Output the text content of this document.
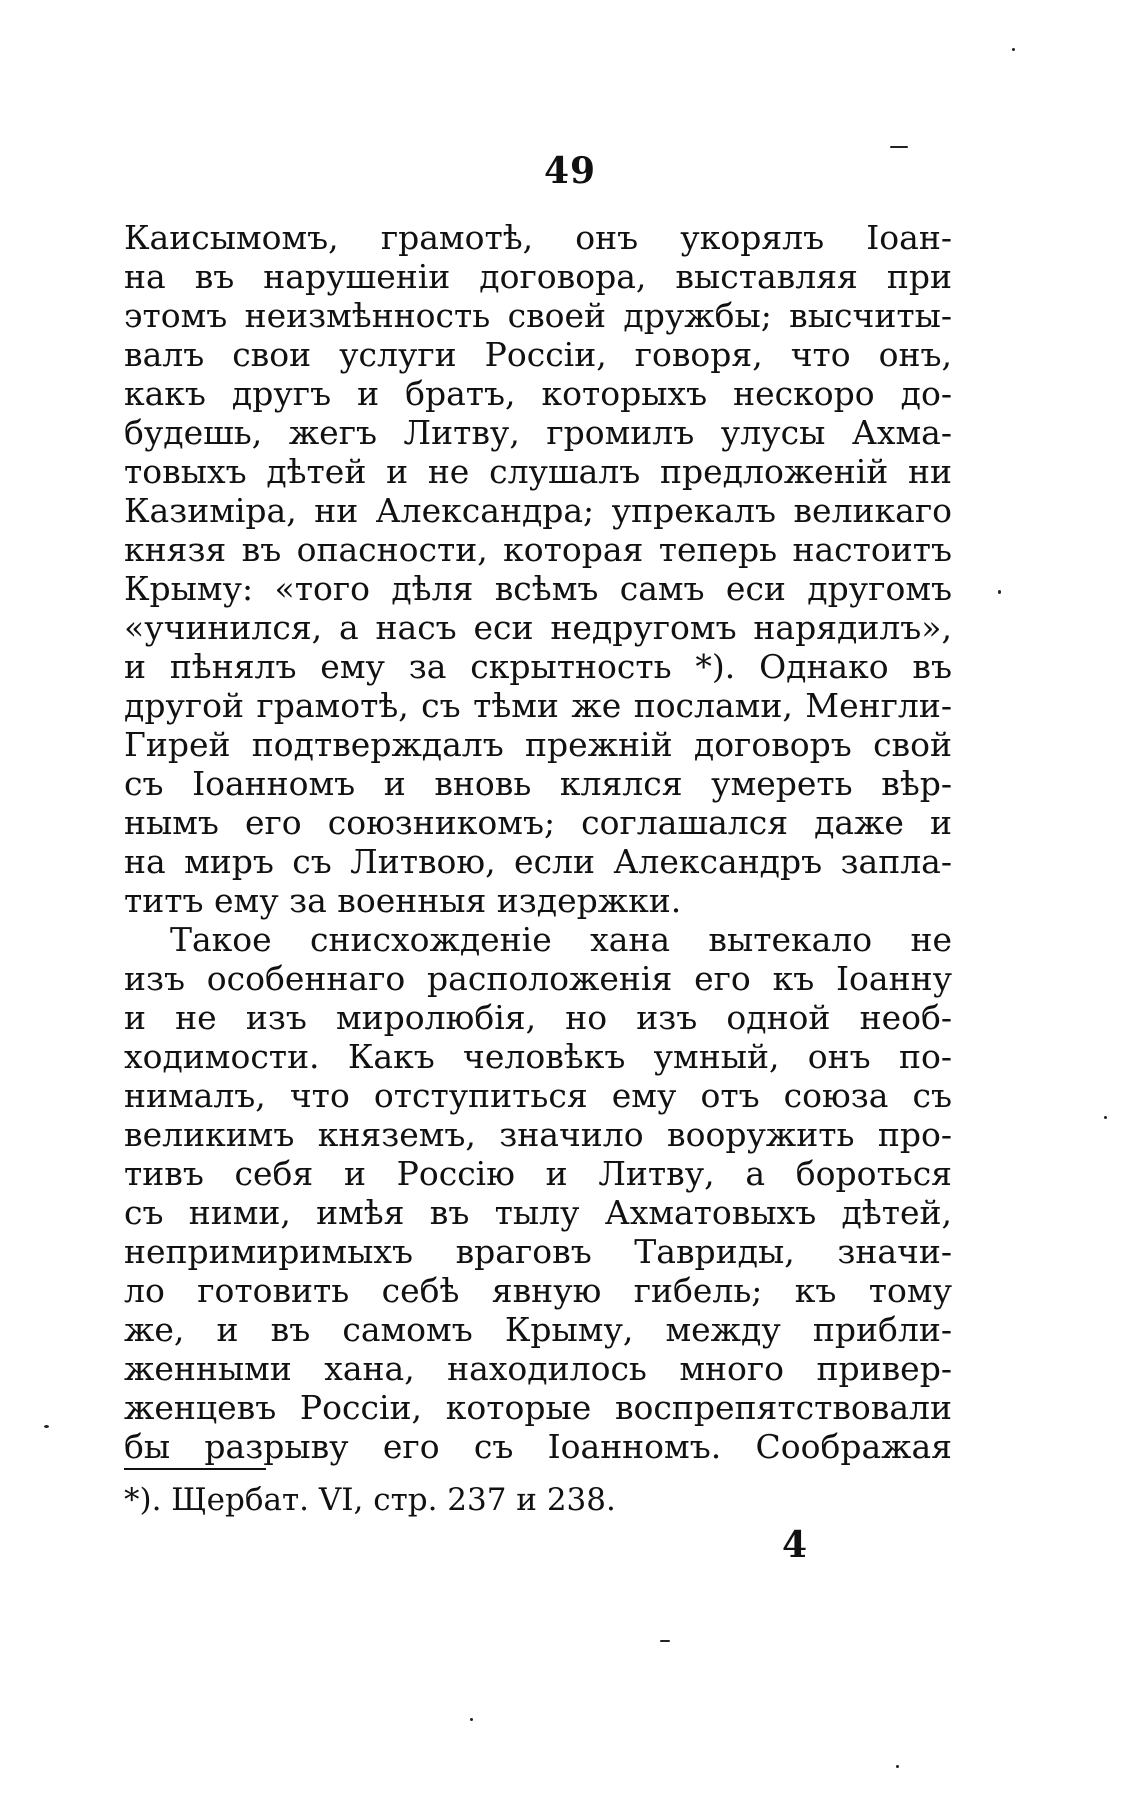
49
Каисымомъ, грамотѣ, онъ укорялъ Іоан-
на въ нарушеніи договора, выставляя при
этомъ неизмѣнность своей дружбы; высчиты-
валъ свои услуги Россіи, говоря, что онъ,
какъ другъ и братъ, которыхъ нескоро до-
будешь, жегъ Литву, громилъ улусы Ахма-
товыхъ дѣтей и не слушалъ предложеній ни
Казиміра, ни Александра; упрекалъ великаго
князя въ опасности, которая теперь настоитъ
Крыму: «того дѣля всѣмъ самъ еси другомъ
«учинился, а насъ еси недругомъ нарядилъ»,
и пѣнялъ ему за скрытность *). Однако въ
другой грамотѣ, съ тѣми же послами, Менгли-
Гирей подтверждалъ прежній договоръ свой
съ Іоанномъ и вновь клялся умереть вѣр-
нымъ его союзникомъ; соглашался даже и
на миръ съ Литвою, если Александръ запла-
титъ ему за военныя издержки.
Такое снисхожденіе хана вытекало не
изъ особеннаго расположенія его къ Іоанну
и не изъ миролюбія, но изъ одной необ-
ходимости. Какъ человѣкъ умный, онъ по-
нималъ, что отступиться ему отъ союза съ
великимъ княземъ, значило вооружить про-
тивъ себя и Россію и Литву, а бороться
съ ними, имѣя въ тылу Ахматовыхъ дѣтей,
непримиримыхъ враговъ Тавриды, значи-
ло готовить себѣ явную гибель; къ тому
же, и въ самомъ Крыму, между прибли-
женными хана, находилось много привер-
женцевъ Россіи, которые воспрепятствовали
бы разрыву его съ Іоанномъ. Соображая
*). Щербат. VI, стр. 237 и 238.
4
